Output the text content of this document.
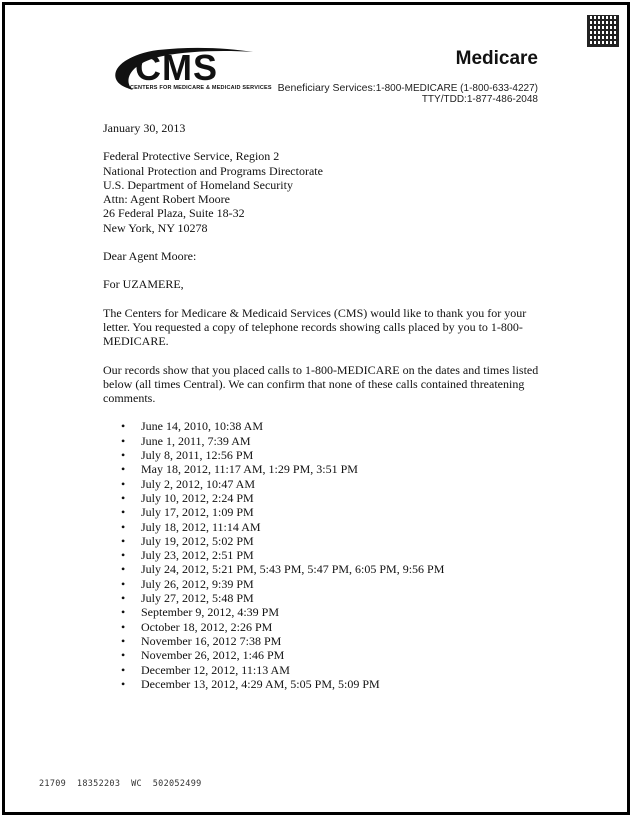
CMS
CENTERS FOR MEDICARE & MEDICAID SERVICES
Medicare
Beneficiary Services:1-800-MEDICARE (1-800-633-4227)
TTY/TDD:1-877-486-2048

January 30, 2013

Federal Protective Service, Region 2

National Protection and Programs Directorate

U.S. Department of Homeland Security

Attn: Agent Robert Moore

26 Federal Plaza, Suite 18-32

New York, NY 10278

Dear Agent Moore:

For UZAMERE,

The Centers for Medicare & Medicaid Services (CMS) would like to thank you for your letter. You requested a copy of telephone records showing calls placed by you to 1-800-MEDICARE.

Our records show that you placed calls to 1-800-MEDICARE on the dates and times listed below (all times Central). We can confirm that none of these calls contained threatening comments.

• June 14, 2010, 10:38 AM
• June 1, 2011, 7:39 AM
• July 8, 2011, 12:56 PM
• May 18, 2012, 11:17 AM, 1:29 PM, 3:51 PM
• July 2, 2012, 10:47 AM
• July 10, 2012, 2:24 PM
• July 17, 2012, 1:09 PM
• July 18, 2012, 11:14 AM
• July 19, 2012, 5:02 PM
• July 23, 2012, 2:51 PM
• July 24, 2012, 5:21 PM, 5:43 PM, 5:47 PM, 6:05 PM, 9:56 PM
• July 26, 2012, 9:39 PM
• July 27, 2012, 5:48 PM
• September 9, 2012, 4:39 PM
• October 18, 2012, 2:26 PM
• November 16, 2012 7:38 PM
• November 26, 2012, 1:46 PM
• December 12, 2012, 11:13 AM
• December 13, 2012, 4:29 AM, 5:05 PM, 5:09 PM
21709  18352203  WC  502052499
